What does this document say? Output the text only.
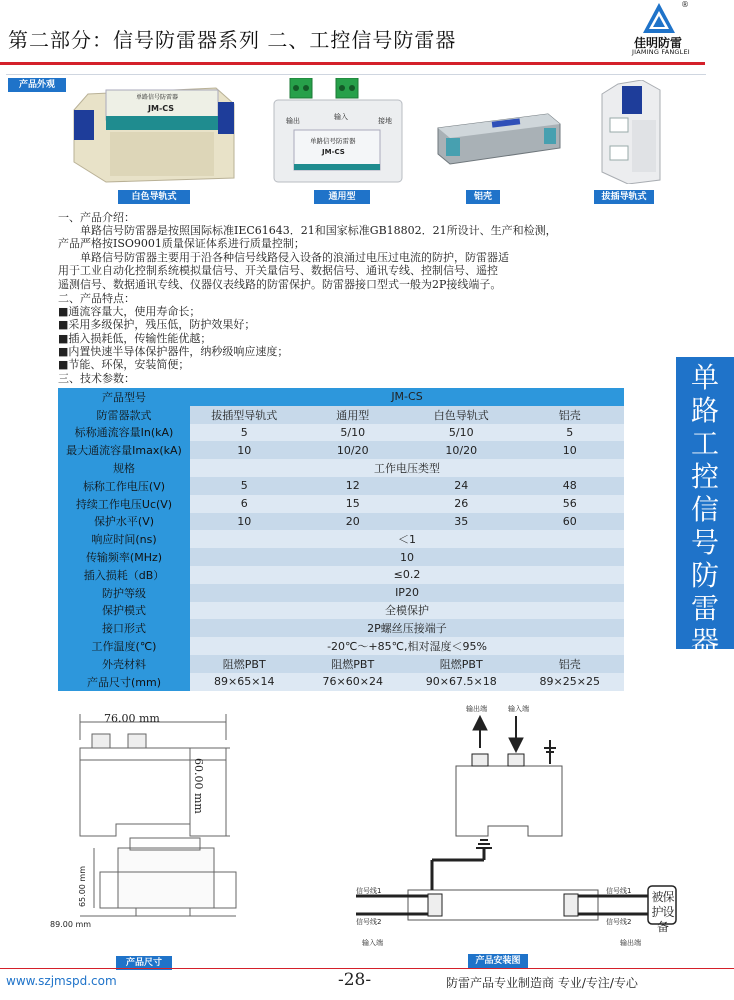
第二部分：信号防雷器系列 二、工控信号防雷器	佳明防雷
JIAMING FANGLEI
®
产品外观
单路信号防雷器
JM-CS
白色导轨式
输出	输入	接地
单路信号防雷器
JM-CS
通用型	铝壳	拔插导轨式
一、产品介绍：
单路信号防雷器是按照国际标准IEC61643．21和国家标准GB18802．21所设计、生产和检测，
产品严格按ISO9001质量保证体系进行质量控制；
单路信号防雷器主要用于沿各种信号线路侵入设备的浪涌过电压过电流的防护，防雷器适
用于工业自动化控制系统模拟量信号、开关量信号、数据信号、通讯专线、控制信号、遥控
遥测信号、数据通讯专线、仪器仪表线路的防雷保护。防雷器接口型式一般为2P接线端子。
二、产品特点：
■通流容量大，使用寿命长；
■采用多级保护，残压低，防护效果好；
■插入损耗低，传输性能优越；
■内置快速半导体保护器件，纳秒级响应速度；
■节能、环保，安装简便；
三、技术参数：	单
路
工
控
信
号
防
雷
器
产品型号	JM-CS			
防雷器款式	拔插型导轨式	通用型	白色导轨式	铝壳
标称通流容量In(kA)	5	5/10	5/10	5
最大通流容量Imax(kA)	10	10/20	10/20	10
规格	工作电压类型			
标称工作电压(V)	5	12	24	48
持续工作电压Uc(V)	6	15	26	56
保护水平(V)	10	20	35	60
响应时间(ns)	＜1			
传输频率(MHz)	10			
插入损耗（dB）	≤0.2			
防护等级	IP20			
保护模式	全模保护			
接口形式	2P螺丝压接端子			
工作温度(℃)	-20℃～+85℃,相对湿度＜95%			
外壳材料	阻燃PBT	阻燃PBT	阻燃PBT	铝壳
产品尺寸(mm)	89×65×14	76×60×24	90×67.5×18	89×25×25
76.00 mm
60.00 mm
65.00 mm
89.00 mm
产品尺寸
输出端	输入端
信号线1
信号线2
信号线1
信号线2
被保护设备
输入端	输出端
产品安装图
www.szjmspd.com	-28-	防雷产品专业制造商 专业/专注/专心
